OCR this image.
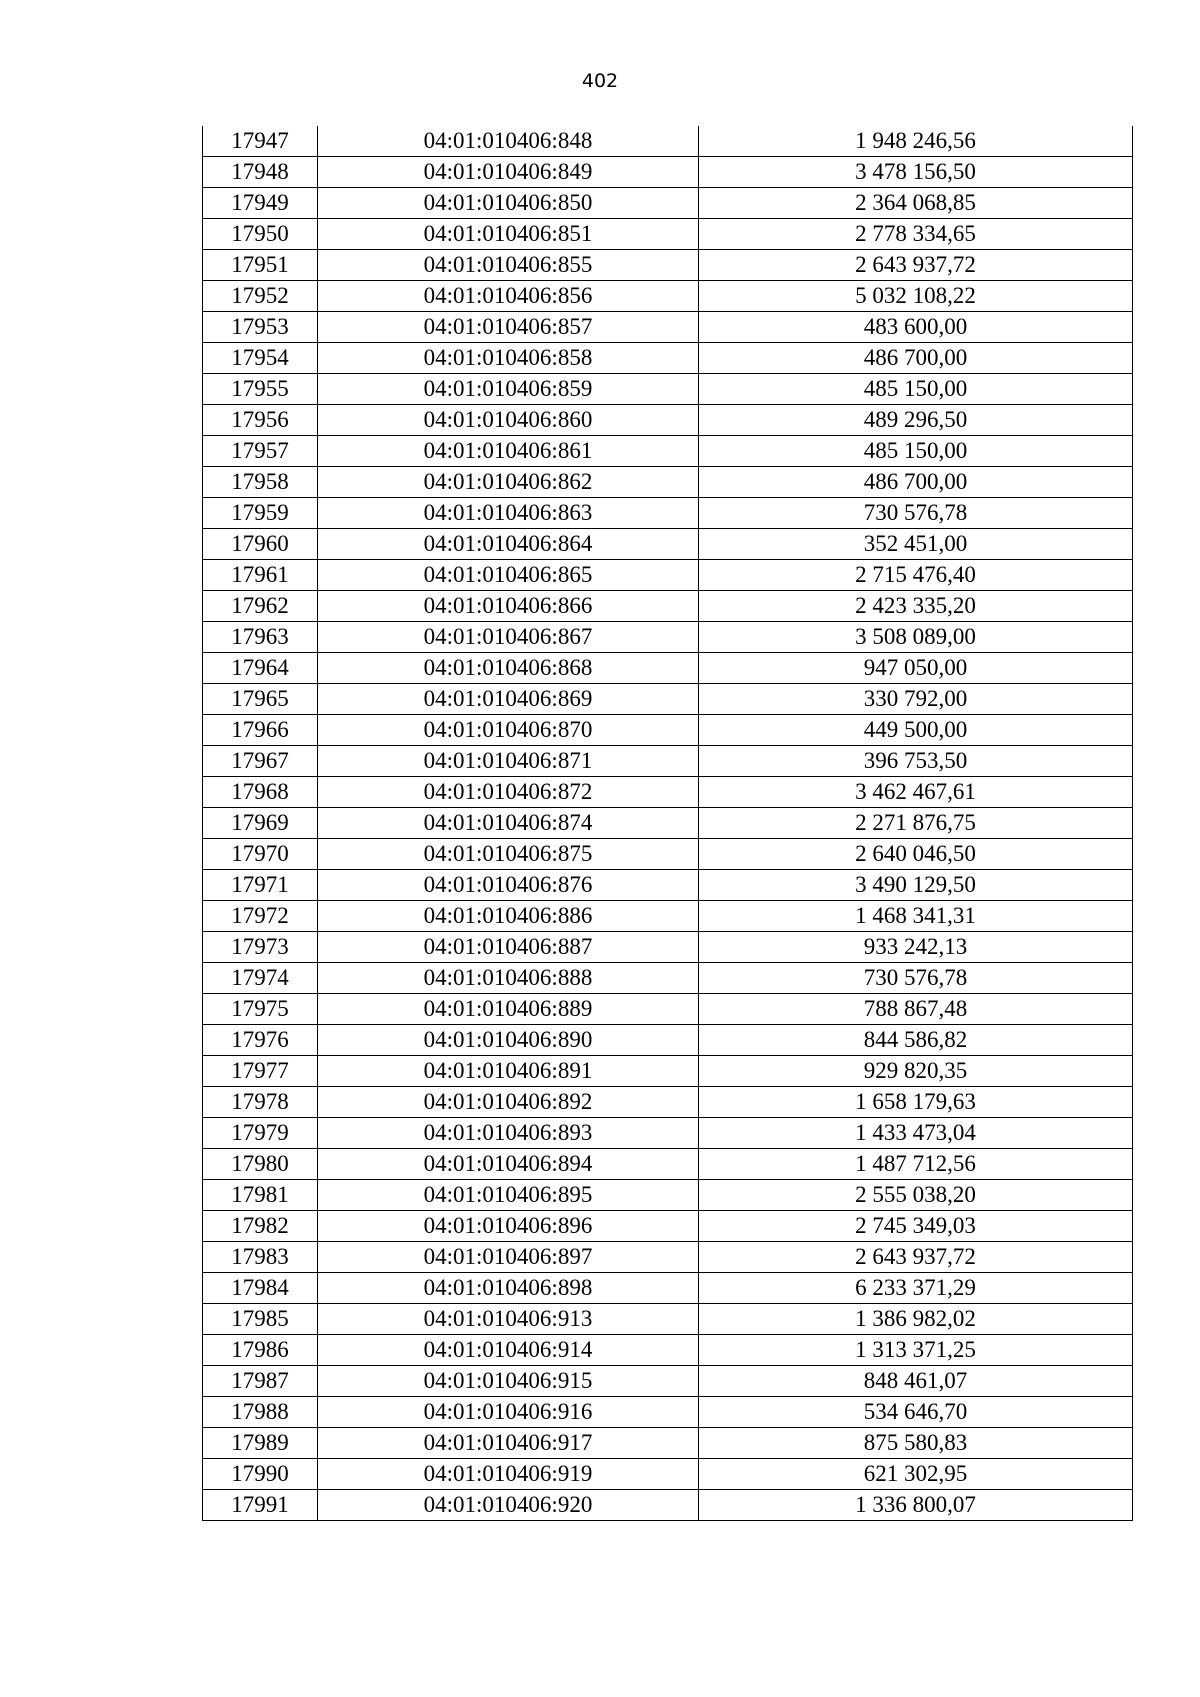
402
17947	04:01:010406:848	1 948 246,56
17948	04:01:010406:849	3 478 156,50
17949	04:01:010406:850	2 364 068,85
17950	04:01:010406:851	2 778 334,65
17951	04:01:010406:855	2 643 937,72
17952	04:01:010406:856	5 032 108,22
17953	04:01:010406:857	483 600,00
17954	04:01:010406:858	486 700,00
17955	04:01:010406:859	485 150,00
17956	04:01:010406:860	489 296,50
17957	04:01:010406:861	485 150,00
17958	04:01:010406:862	486 700,00
17959	04:01:010406:863	730 576,78
17960	04:01:010406:864	352 451,00
17961	04:01:010406:865	2 715 476,40
17962	04:01:010406:866	2 423 335,20
17963	04:01:010406:867	3 508 089,00
17964	04:01:010406:868	947 050,00
17965	04:01:010406:869	330 792,00
17966	04:01:010406:870	449 500,00
17967	04:01:010406:871	396 753,50
17968	04:01:010406:872	3 462 467,61
17969	04:01:010406:874	2 271 876,75
17970	04:01:010406:875	2 640 046,50
17971	04:01:010406:876	3 490 129,50
17972	04:01:010406:886	1 468 341,31
17973	04:01:010406:887	933 242,13
17974	04:01:010406:888	730 576,78
17975	04:01:010406:889	788 867,48
17976	04:01:010406:890	844 586,82
17977	04:01:010406:891	929 820,35
17978	04:01:010406:892	1 658 179,63
17979	04:01:010406:893	1 433 473,04
17980	04:01:010406:894	1 487 712,56
17981	04:01:010406:895	2 555 038,20
17982	04:01:010406:896	2 745 349,03
17983	04:01:010406:897	2 643 937,72
17984	04:01:010406:898	6 233 371,29
17985	04:01:010406:913	1 386 982,02
17986	04:01:010406:914	1 313 371,25
17987	04:01:010406:915	848 461,07
17988	04:01:010406:916	534 646,70
17989	04:01:010406:917	875 580,83
17990	04:01:010406:919	621 302,95
17991	04:01:010406:920	1 336 800,07
